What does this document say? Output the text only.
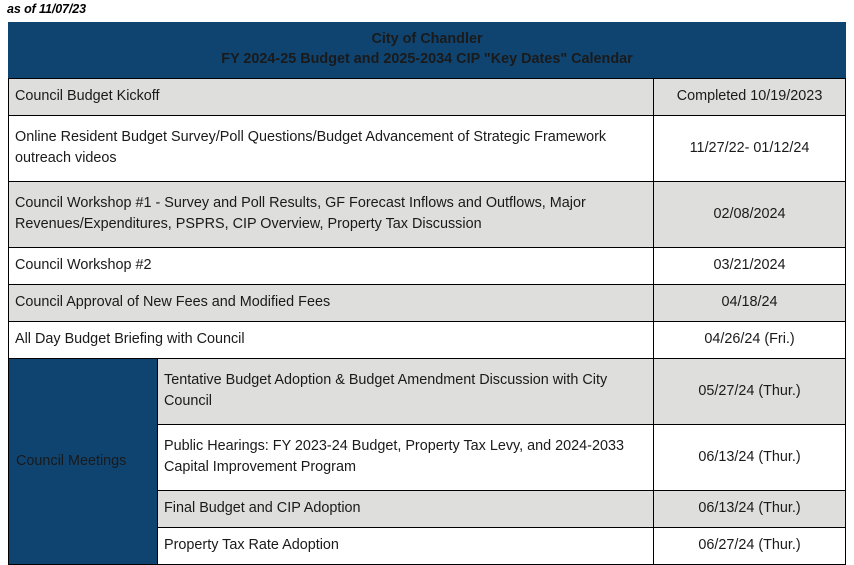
as of 11/07/23
City of Chandler
FY 2024-25 Budget and 2025-2034 CIP "Key Dates" Calendar		

Council Budget Kickoff		Completed 10/19/2023
Online Resident Budget Survey/Poll Questions/Budget Advancement of Strategic Framework outreach videos		11/27/22- 01/12/24
Council Workshop #1 - Survey and Poll Results, GF Forecast Inflows and Outflows, Major Revenues/Expenditures, PSPRS, CIP Overview, Property Tax Discussion		02/08/2024
Council Workshop #2		03/21/2024
Council Approval of New Fees and Modified Fees		04/18/24
All Day Budget Briefing with Council		04/26/24 (Fri.)
Council Meetings	Tentative Budget Adoption & Budget Amendment Discussion with City Council	05/27/24 (Thur.)
	Public Hearings: FY 2023-24 Budget, Property Tax Levy, and 2024-2033 Capital Improvement Program	06/13/24 (Thur.)
	Final Budget and CIP Adoption	06/13/24 (Thur.)
	Property Tax Rate Adoption	06/27/24 (Thur.)
